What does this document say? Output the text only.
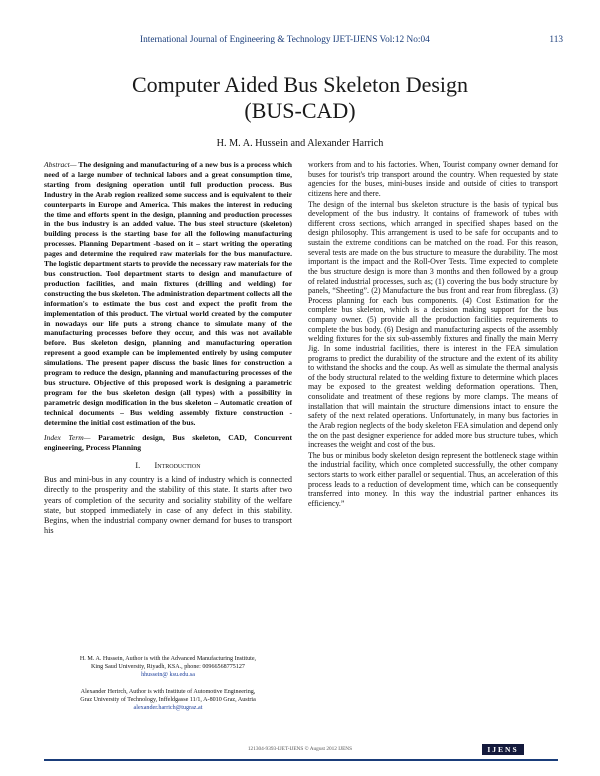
International Journal of Engineering & Technology IJET-IJENS Vol:12 No:04	113
Computer Aided Bus Skeleton Design
(BUS-CAD)
H. M. A. Hussein and Alexander Harrich

Abstract— The designing and manufacturing of a new bus is a process which need of a large number of technical labors and a great consumption time, starting from designing operation until full production process. Bus Industry in the Arab region realized some success and is equivalent to their counterparts in Europe and America. This makes the interest in reducing the time and efforts spent in the design, planning and production processes in the bus industry is an added value. The bus steel structure (skeleton) building process is the starting base for all the following manufacturing processes. Planning Department -based on it – start writing the operating pages and determine the required raw materials for the bus manufacture. The logistic department starts to provide the necessary raw materials for the bus construction. Tool department starts to design and manufacture of production facilities, and main fixtures (drilling and welding) for constructing the bus skeleton. The administration department collects all the information's to estimate the bus cost and expect the profit from the implementation of this product. The virtual world created by the computer in nowadays our life puts a strong chance to simulate many of the manufacturing processes before they occur, and this was not available before. Bus skeleton design, planning and manufacturing operation represent a good example can be implemented entirely by using computer simulations. The present paper discuss the basic lines for construction a program to reduce the design, planning and manufacturing processes of the bus structure. Objective of this proposed work is designing a parametric program for the bus skeleton design (all types) with a possibility in parametric design modification in the bus skeleton – Automatic creation of technical documents – Bus welding assembly fixture construction - determine the initial cost estimation of the bus.

Index Term— Parametric design, Bus skeleton, CAD, Concurrent engineering, Process Planning

I. Introduction

Bus and mini-bus in any country is a kind of industry which is connected directly to the prosperity and the stability of this state. It starts after two years of completion of the security and sociality stability of the welfare state, but stopped immediately in case of any defect in this stability. Begins, when the industrial company owner demand for buses to transport his

H. M. A. Hussein, Author is with the Advanced Manufacturing Institute,
King Saud University, Riyadh, KSA., phone: 00966568775127
hhussein@ ksu.edu.sa

Alexander Herirch, Author is with Institute of Automotive Engineering,
Graz University of Technology, Inffeldgasse 11/1, A-8010 Graz, Austria
alexander.harrich@tugraz.at

workers from and to his factories. When, Tourist company owner demand for buses for tourist's trip transport around the country. When requested by state agencies for the buses, mini-buses inside and outside of cities to transport citizens here and there.

The design of the internal bus skeleton structure is the basis of typical bus development of the bus industry. It contains of framework of tubes with different cross sections, which arranged in specified shapes based on the design philosophy. This arrangement is used to be safe for occupants and to sustain the extreme conditions can be matched on the road. For this reason, several tests are made on the bus structure to measure the durability. The most important is the impact and the Roll-Over Tests. Time expected to complete the bus structure design is more than 3 months and then followed by a group of related industrial processes, such as; (1) covering the bus body structure by panels, “Sheeting”. (2) Manufacture the bus front and rear from fibreglass. (3) Process planning for each bus components. (4) Cost Estimation for the complete bus skeleton, which is a decision making support for the bus company owner. (5) provide all the production facilities requirements to complete the bus body. (6) Design and manufacturing aspects of the assembly welding fixtures for the six sub-assembly fixtures and finally the main Merry Jig. In some industrial facilities, there is interest in the FEA simulation programs to predict the durability of the structure and the extent of its ability to withstand the shocks and the coup. As well as simulate the thermal analysis of the body structural related to the welding fixture to determine which places may be exposed to the greatest welding deformation operations. Then, consolidate and treatment of these regions by more clamps. The means of installation that will maintain the structure dimensions intact to ensure the safety of the next related operations. Unfortunately, in many bus factories in the Arab region neglects of the body skeleton FEA simulation and depend only the on the past designer experience for added more bus structure tubes, which increases the weight and cost of the bus.

The bus or minibus body skeleton design represent the bottleneck stage within the industrial facility, which once completed successfully, the other company sectors starts to work either parallel or sequential. Thus, an acceleration of this process leads to a reduction of development time, which can be consequently transferred into money. In this way the industrial partner enhances its efficiency.”

121304-9393-IJET-IJENS © August 2012 IJENS	IJENS
